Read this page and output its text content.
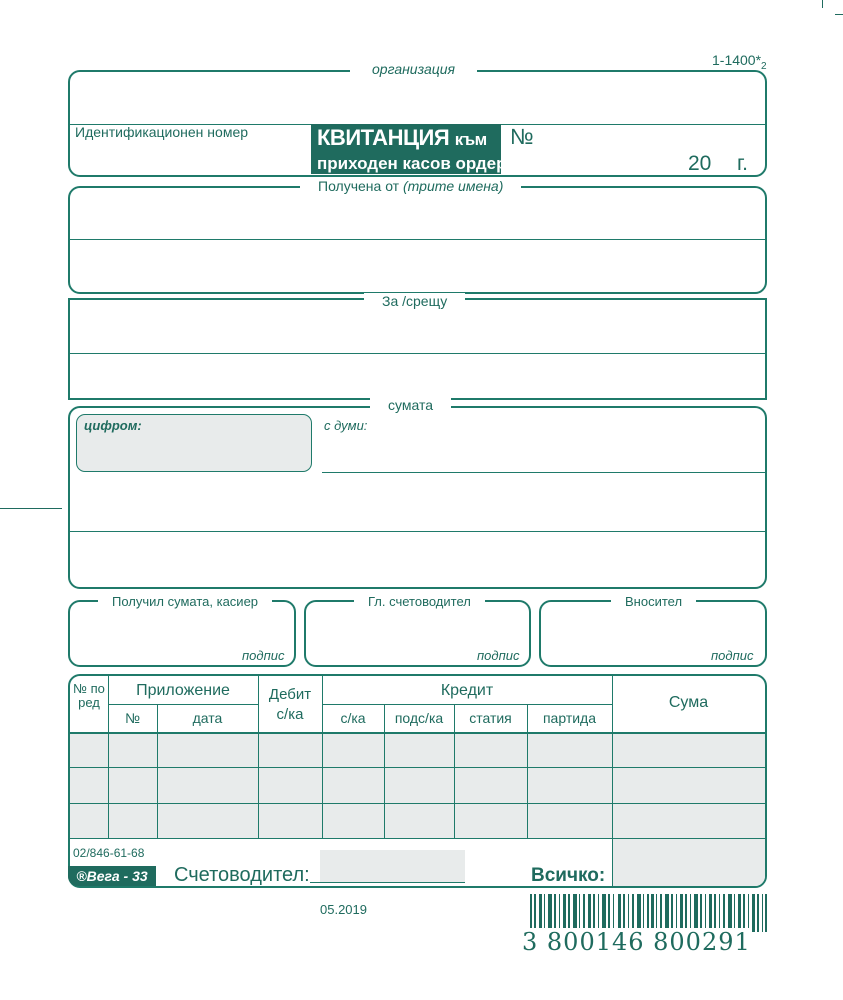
$1-1400*_2$
организация
Идентификационен номер	КВИТАНЦИЯ към
приходен касов ордер
№
20 г.
Получена от (трите имена)
За /срещу
сумата
цифром:	с думи:
Получил сумата, касиер
подпис
Гл. счетоводител
подпис
Вносител
подпис
№ по ред
Приложение
№	дата
Дебит с/ка
Кредит
с/ка	подс/ка	статия	партида
Сума
02/846-61-68
®Вега - 33	Счетоводител:	Всичко:
05.2019
3 800146 800291
